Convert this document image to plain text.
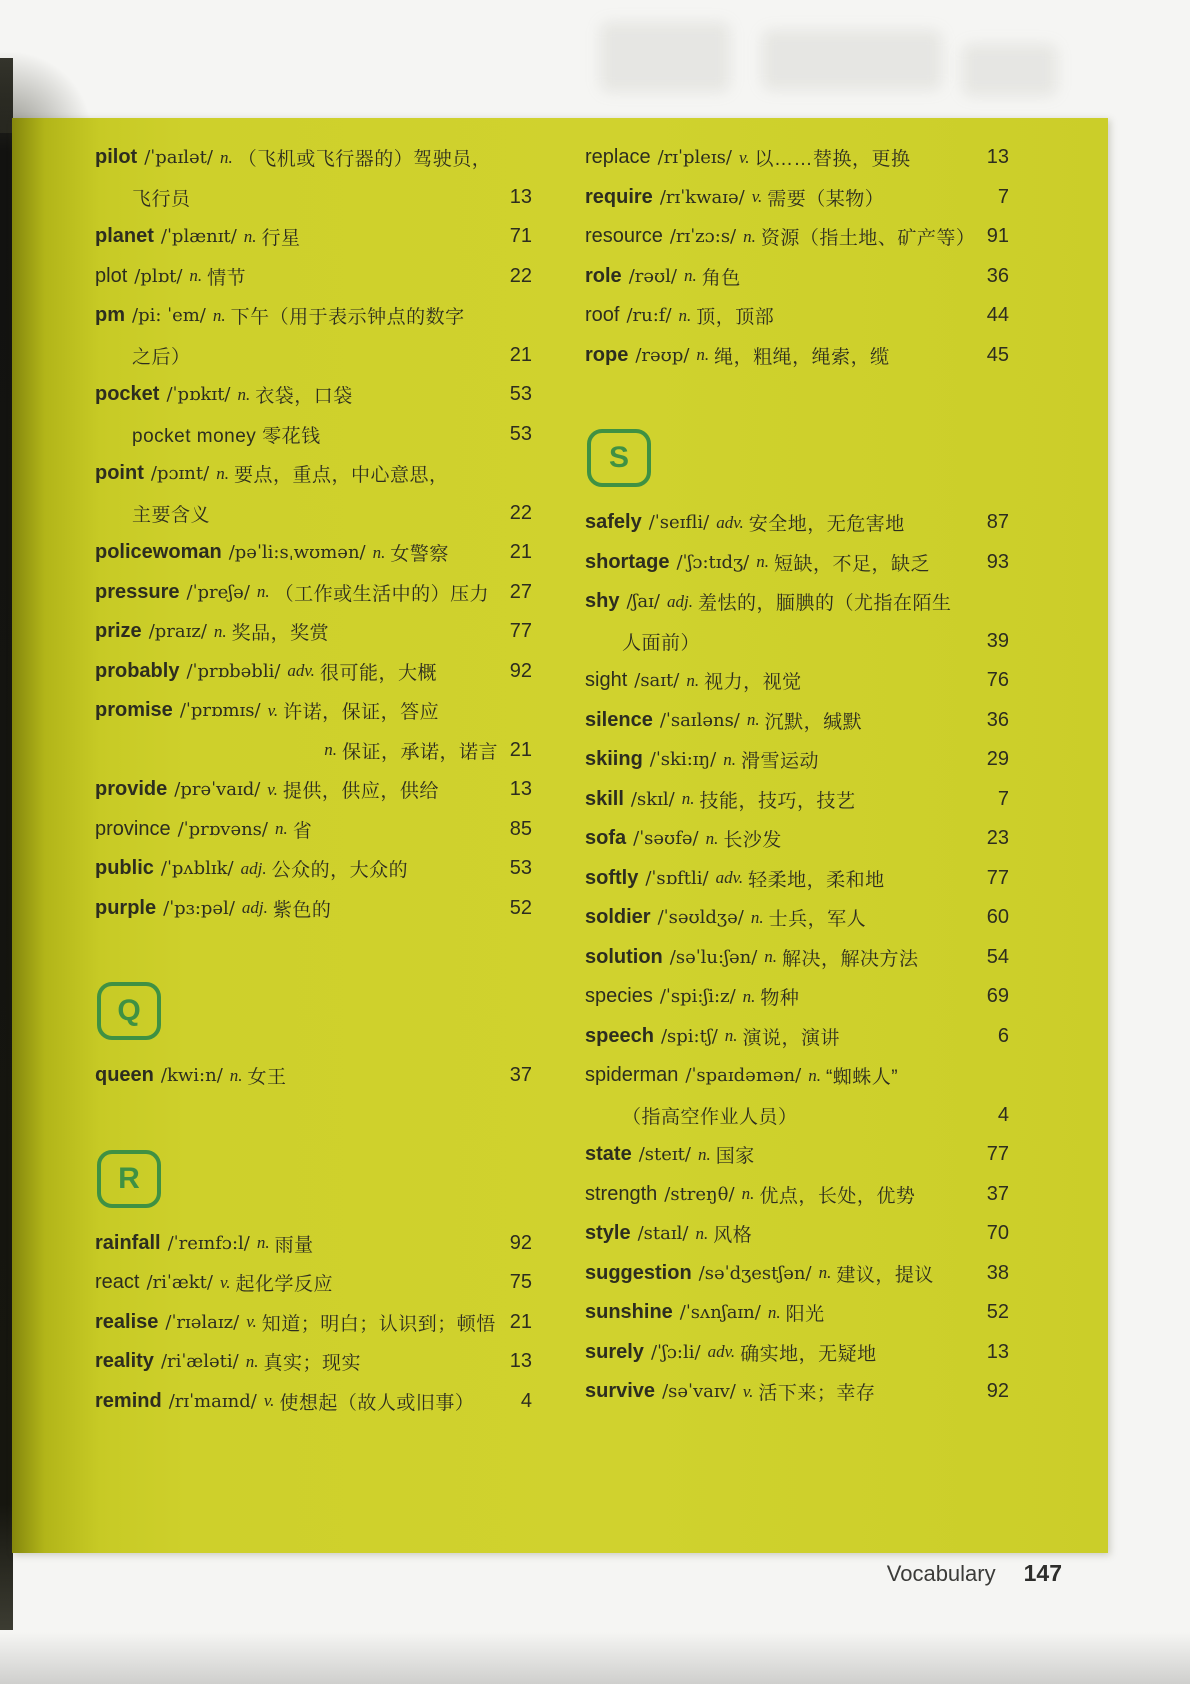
pilot /ˈpaɪlət/ n. （飞机或飞行器的）驾驶员，
飞行员	13
planet /ˈplænɪt/ n. 行星	71
plot /plɒt/ n. 情节	22
pm /pi: ˈem/ n. 下午（用于表示钟点的数字
之后）	21
pocket /ˈpɒkɪt/ n. 衣袋，口袋	53
pocket money 零花钱	53
point /pɔɪnt/ n. 要点，重点，中心意思，
主要含义	22
policewoman /pəˈli:sˌwʊmən/ n. 女警察	21
pressure /ˈpreʃə/ n. （工作或生活中的）压力	27
prize /praɪz/ n. 奖品，奖赏	77
probably /ˈprɒbəbli/ adv. 很可能，大概	92
promise /ˈprɒmɪs/ v. 许诺，保证，答应
n. 保证，承诺，诺言 21
provide /prəˈvaɪd/ v. 提供，供应，供给	13
province /ˈprɒvəns/ n. 省	85
public /ˈpʌblɪk/ adj. 公众的，大众的	53
purple /ˈpɜ:pəl/ adj. 紫色的	52
Q
queen /kwi:n/ n. 女王	37
R
rainfall /ˈreɪnfɔ:l/ n. 雨量	92
react /riˈækt/ v. 起化学反应	75
realise /ˈrɪəlaɪz/ v. 知道；明白；认识到；顿悟 21
reality /riˈæləti/ n. 真实；现实	13
remind /rɪˈmaɪnd/ v. 使想起（故人或旧事）	4
replace /rɪˈpleɪs/ v. 以……替换，更换	13
require /rɪˈkwaɪə/ v. 需要（某物）	7
resource /rɪˈzɔ:s/ n. 资源（指土地、矿产等） 91
role /rəʊl/ n. 角色	36
roof /ru:f/ n. 顶，顶部	44
rope /rəʊp/ n. 绳，粗绳，绳索，缆	45
S
safely /ˈseɪfli/ adv. 安全地，无危害地	87
shortage /ˈʃɔ:tɪdʒ/ n. 短缺，不足，缺乏	93
shy /ʃaɪ/ adj. 羞怯的，腼腆的（尤指在陌生
人面前）	39
sight /saɪt/ n. 视力，视觉	76
silence /ˈsaɪləns/ n. 沉默，缄默	36
skiing /ˈski:ɪŋ/ n. 滑雪运动	29
skill /skɪl/ n. 技能，技巧，技艺	7
sofa /ˈsəʊfə/ n. 长沙发	23
softly /ˈsɒftli/ adv. 轻柔地，柔和地	77
soldier /ˈsəʊldʒə/ n. 士兵，军人	60
solution /səˈlu:ʃən/ n. 解决，解决方法	54
species /ˈspi:ʃi:z/ n. 物种	69
speech /spi:tʃ/ n. 演说，演讲	6
spiderman /ˈspaɪdəmən/ n. “蜘蛛人”
（指高空作业人员）	4
state /steɪt/ n. 国家	77
strength /streŋθ/ n. 优点，长处，优势	37
style /staɪl/ n. 风格	70
suggestion /səˈdʒestʃən/ n. 建议，提议	38
sunshine /ˈsʌnʃaɪn/ n. 阳光	52
surely /ˈʃɔ:li/ adv. 确实地，无疑地	13
survive /səˈvaɪv/ v. 活下来；幸存	92
Vocabulary 147
